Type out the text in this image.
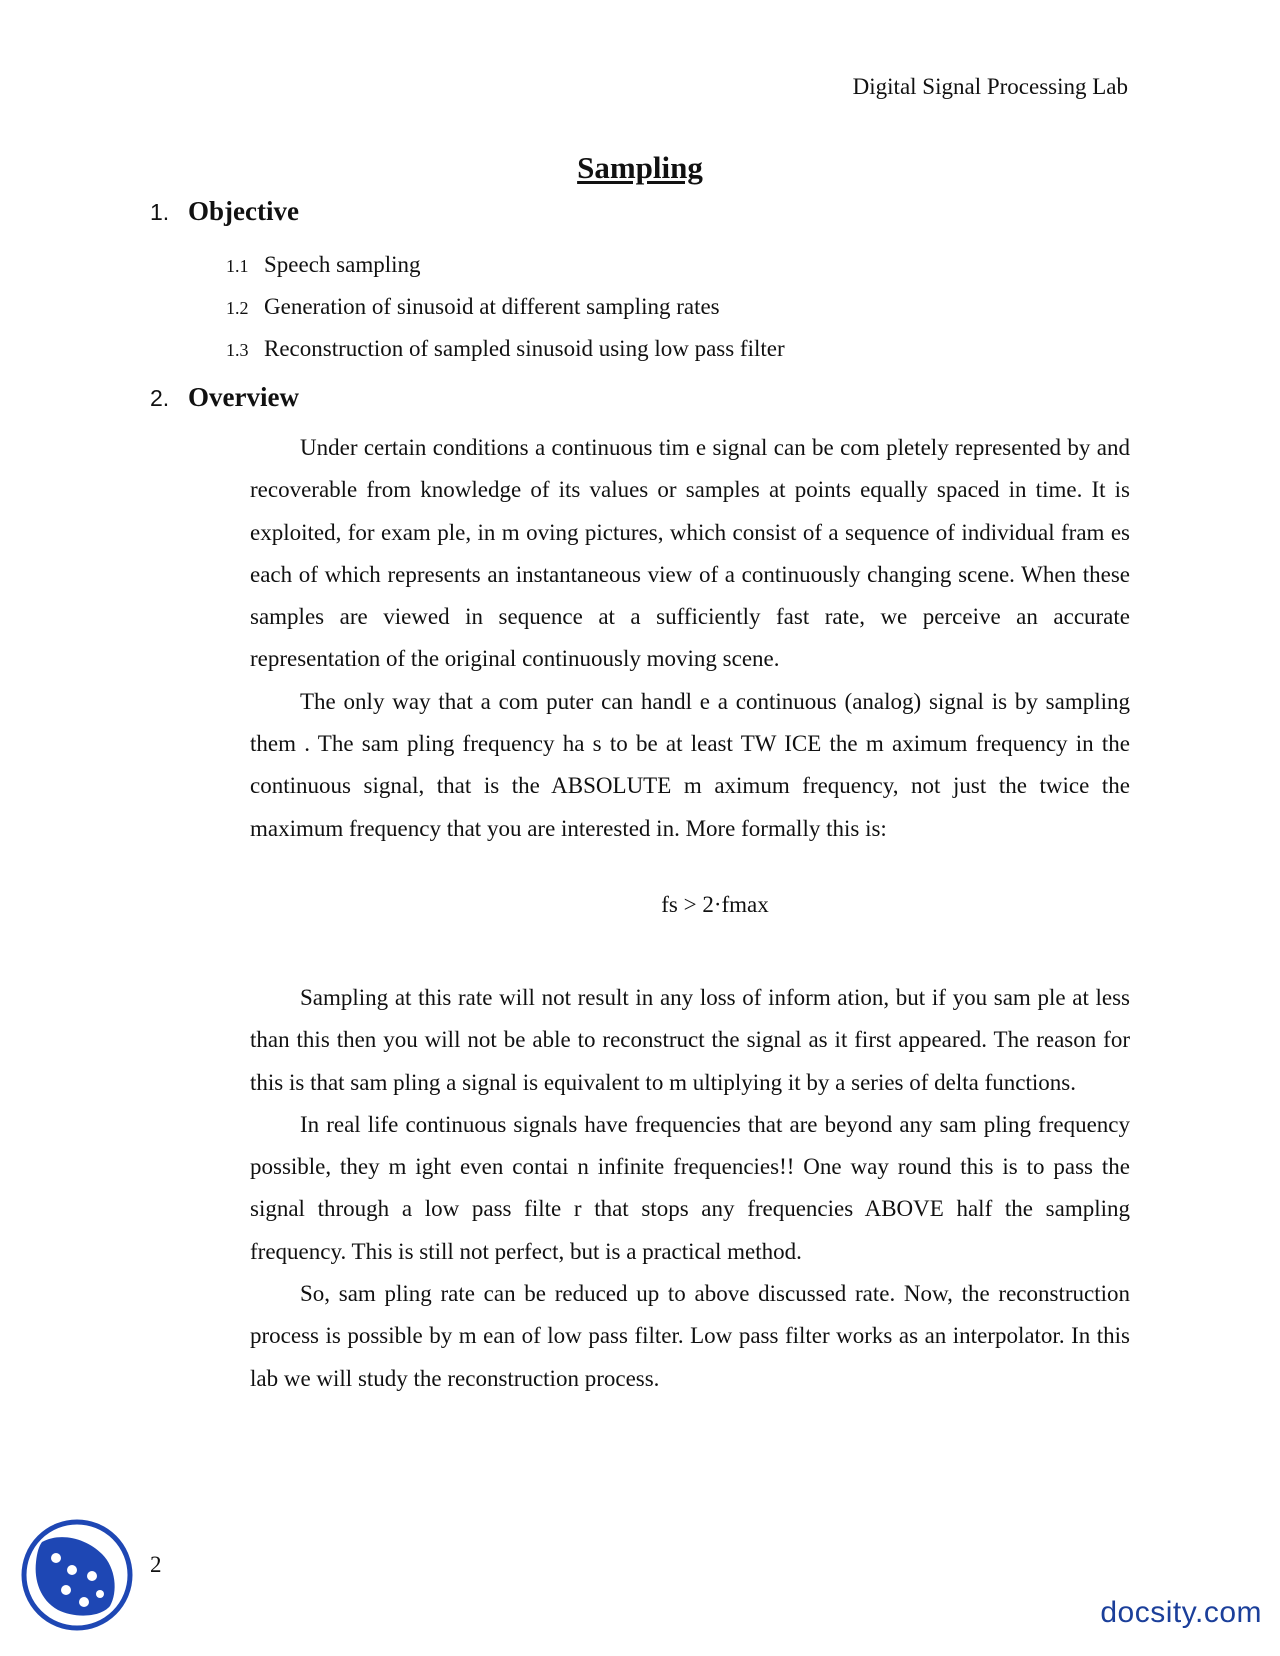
Digital Signal Processing Lab
Sampling
1. Objective
1.1 Speech sampling
1.2 Generation of sinusoid at different sampling rates
1.3 Reconstruction of sampled sinusoid using low pass filter
2. Overview

Under certain conditions a continuous tim e signal can be com pletely represented by and recoverable from knowledge of its values or samples at points equally spaced in time. It is exploited, for exam ple, in m oving pictures, which consist of a sequence of individual fram es each of which represents an instantaneous view of a continuously changing scene. When these samples are viewed in sequence at a sufficiently fast rate, we perceive an accurate representation of the original continuously moving scene.

The only way that a com puter can handl e a continuous (analog) signal is by sampling them . The sam pling frequency ha s to be at least TW ICE the m aximum frequency in the continuous signal, that is the ABSOLUTE m aximum frequency, not just the twice the maximum frequency that you are interested in. More formally this is:

fs > 2·fmax

Sampling at this rate will not result in any loss of inform ation, but if you sam ple at less than this then you will not be able to reconstruct the signal as it first appeared. The reason for this is that sam pling a signal is equivalent to m ultiplying it by a series of delta functions.

In real life continuous signals have frequencies that are beyond any sam pling frequency possible, they m ight even contai n infinite frequencies!! One way round this is to pass the signal through a low pass filte r that stops any frequencies ABOVE half the sampling frequency. This is still not perfect, but is a practical method.

So, sam pling rate can be reduced up to above discussed rate. Now, the reconstruction process is possible by m ean of low pass filter. Low pass filter works as an interpolator. In this lab we will study the reconstruction process.

2
docsity.com
